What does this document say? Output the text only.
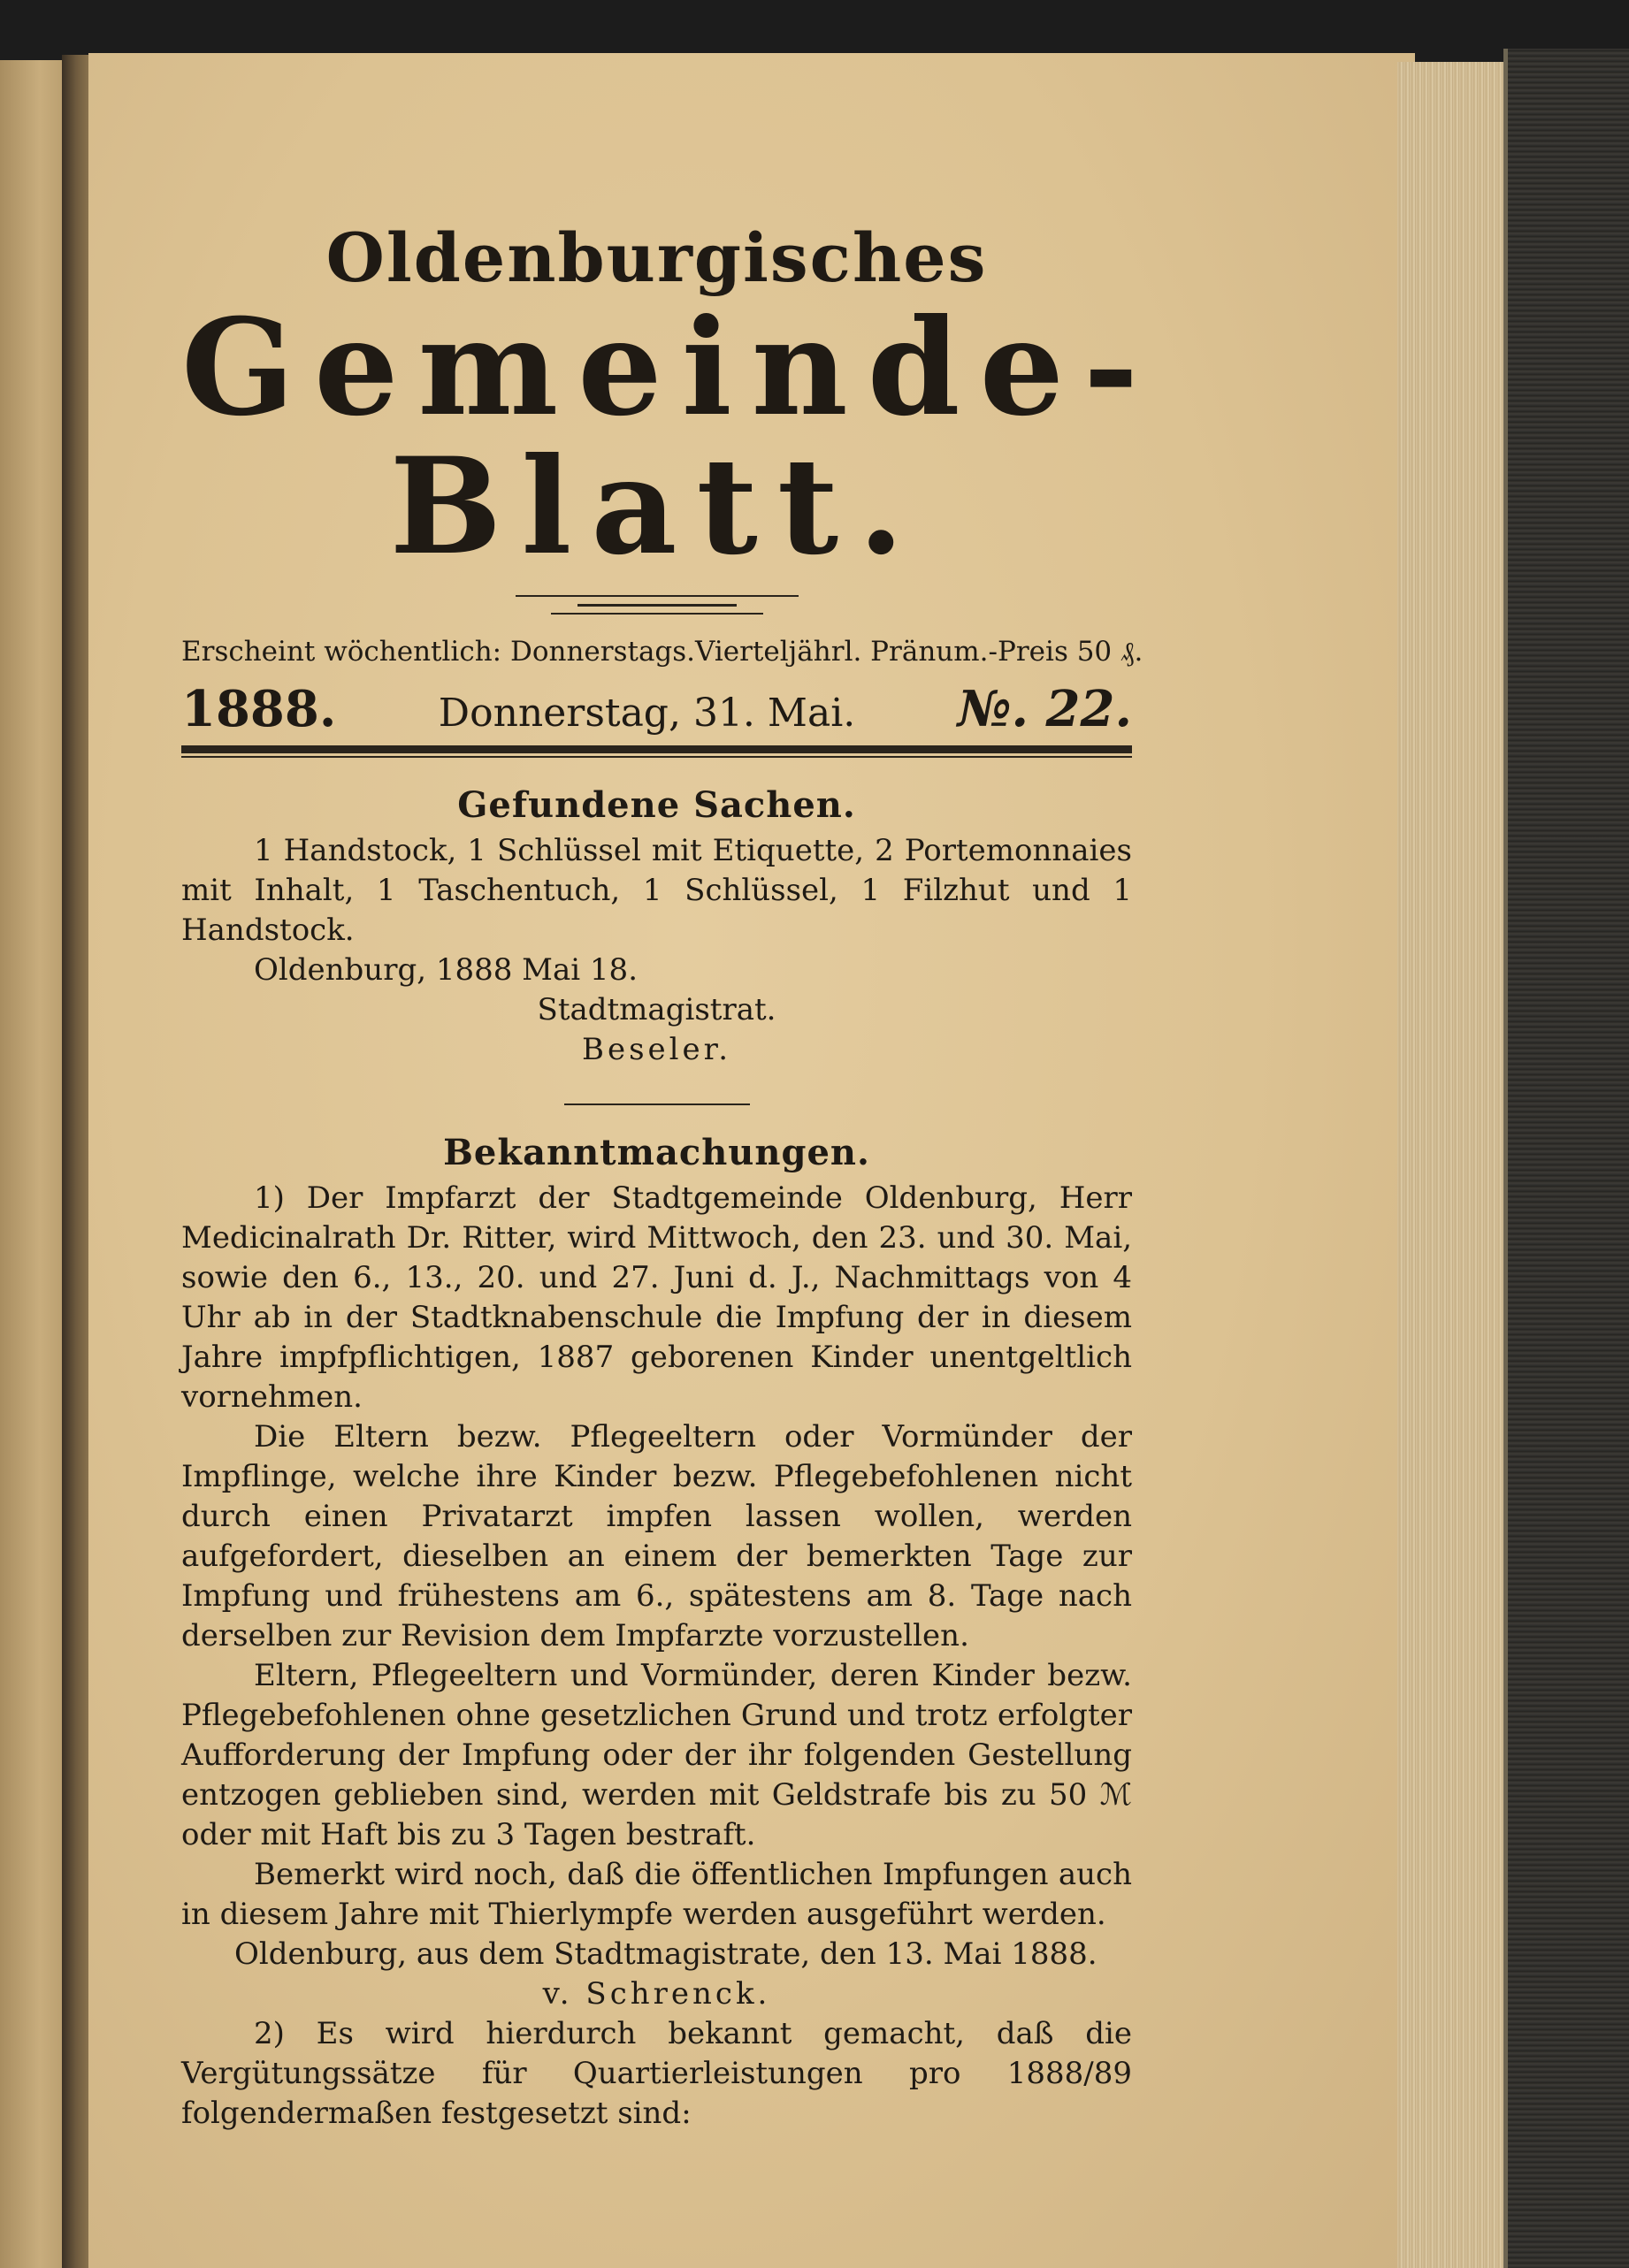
Oldenburgisches
Gemeinde-Blatt.
Erscheint wöchentlich: Donnerstags. Vierteljährl. Pränum.-Preis 50 ₰.
1888.	Donnerstag, 31. Mai. №. 22.
Gefundene Sachen.

1 Handstock, 1 Schlüssel mit Etiquette, 2 Portemonnaies mit Inhalt, 1 Taschentuch, 1 Schlüssel, 1 Filzhut und 1 Handstock.

Oldenburg, 1888 Mai 18.

Stadtmagistrat.

Beseler.

Bekanntmachungen.

1) Der Impfarzt der Stadtgemeinde Oldenburg, Herr Medicinalrath Dr. Ritter, wird Mittwoch, den 23. und 30. Mai, sowie den 6., 13., 20. und 27. Juni d. J., Nachmittags von 4 Uhr ab in der Stadtknabenschule die Impfung der in diesem Jahre impfpflichtigen, 1887 geborenen Kinder unentgeltlich vornehmen.

Die Eltern bezw. Pflegeeltern oder Vormünder der Impflinge, welche ihre Kinder bezw. Pflegebefohlenen nicht durch einen Privatarzt impfen lassen wollen, werden aufgefordert, dieselben an einem der bemerkten Tage zur Impfung und frühestens am 6., spätestens am 8. Tage nach derselben zur Revision dem Impfarzte vorzustellen.

Eltern, Pflegeeltern und Vormünder, deren Kinder bezw. Pflegebefohlenen ohne gesetzlichen Grund und trotz erfolgter Aufforderung der Impfung oder der ihr folgenden Gestellung entzogen geblieben sind, werden mit Geldstrafe bis zu 50 ℳ oder mit Haft bis zu 3 Tagen bestraft.

Bemerkt wird noch, daß die öffentlichen Impfungen auch in diesem Jahre mit Thierlympfe werden ausgeführt werden.

Oldenburg, aus dem Stadtmagistrate, den 13. Mai 1888.

v. Schrenck.

2) Es wird hierdurch bekannt gemacht, daß die Vergütungssätze für Quartierleistungen pro 1888/89 folgendermaßen festgesetzt sind:
